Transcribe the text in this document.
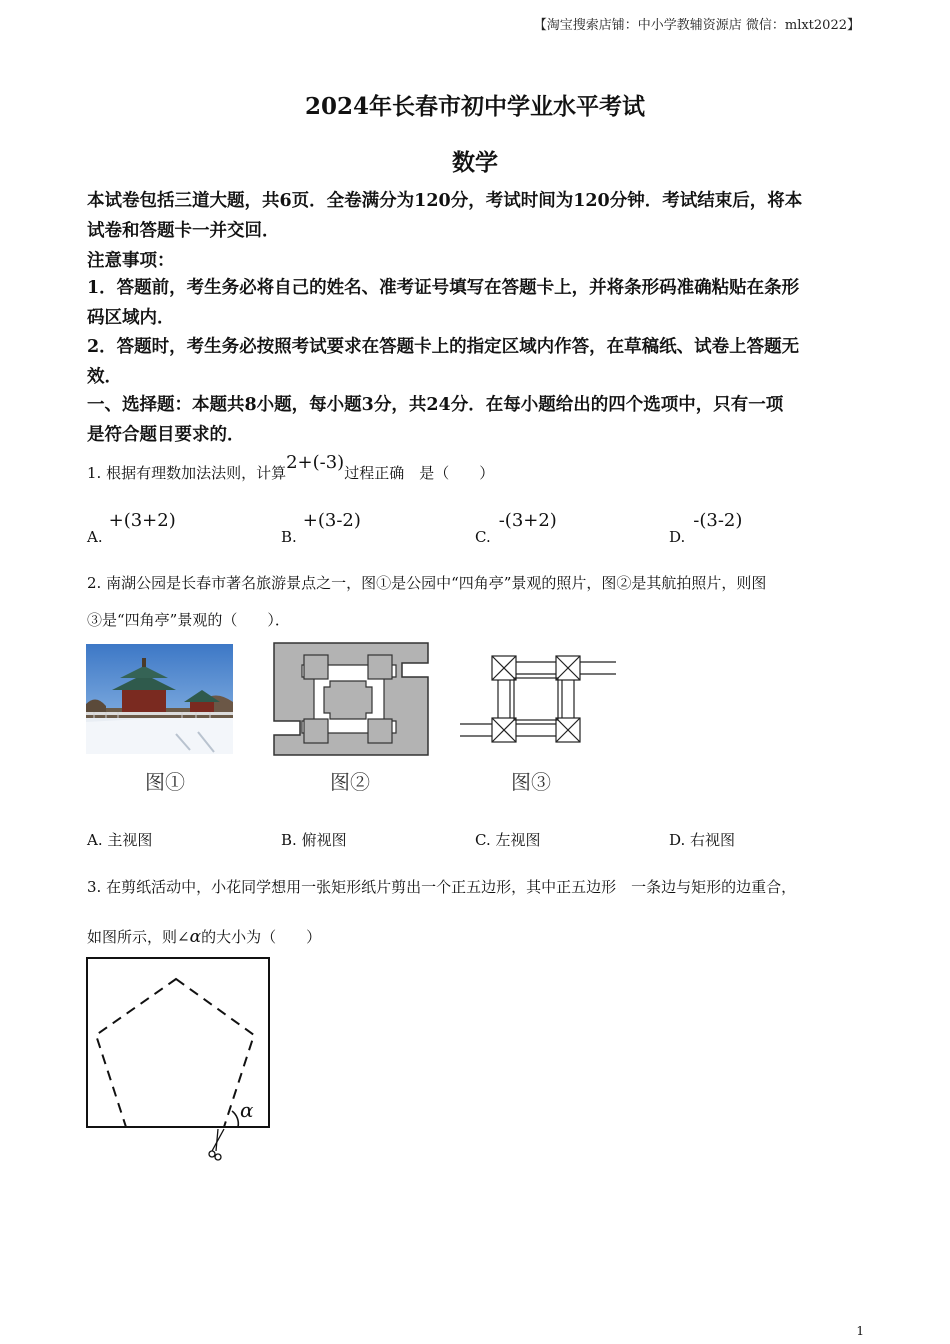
【淘宝搜索店铺：中小学教辅资源店 微信：mlxt2022】
2024年长春市初中学业水平考试
数学
本试卷包括三道大题，共6页．全卷满分为120分，考试时间为120分钟．考试结束后，将本
试卷和答题卡一并交回．
注意事项：
1．答题前，考生务必将自己的姓名、准考证号填写在答题卡上，并将条形码准确粘贴在条形
码区域内．
2．答题时，考生务必按照考试要求在答题卡上的指定区域内作答，在草稿纸、试卷上答题无
效．
一、选择题：本题共8小题，每小题3分，共24分．在每小题给出的四个选项中，只有一项
是符合题目要求的．
1. 根据有理数加法法则，计算2+(-3)过程正确　是（　　）
A.+(3+2)
B.+(3-2)
C.-(3+2)
D.-(3-2)
2. 南湖公园是长春市著名旅游景点之一，图①是公园中“四角亭”景观的照片，图②是其航拍照片，则图
③是“四角亭”景观的（　　）．
图①	图②	图③
A. 主视图	B. 俯视图	C. 左视图	D. 右视图
3. 在剪纸活动中，小花同学想用一张矩形纸片剪出一个正五边形，其中正五边形　一条边与矩形的边重合，
如图所示，则∠α的大小为（　　）
α
1
